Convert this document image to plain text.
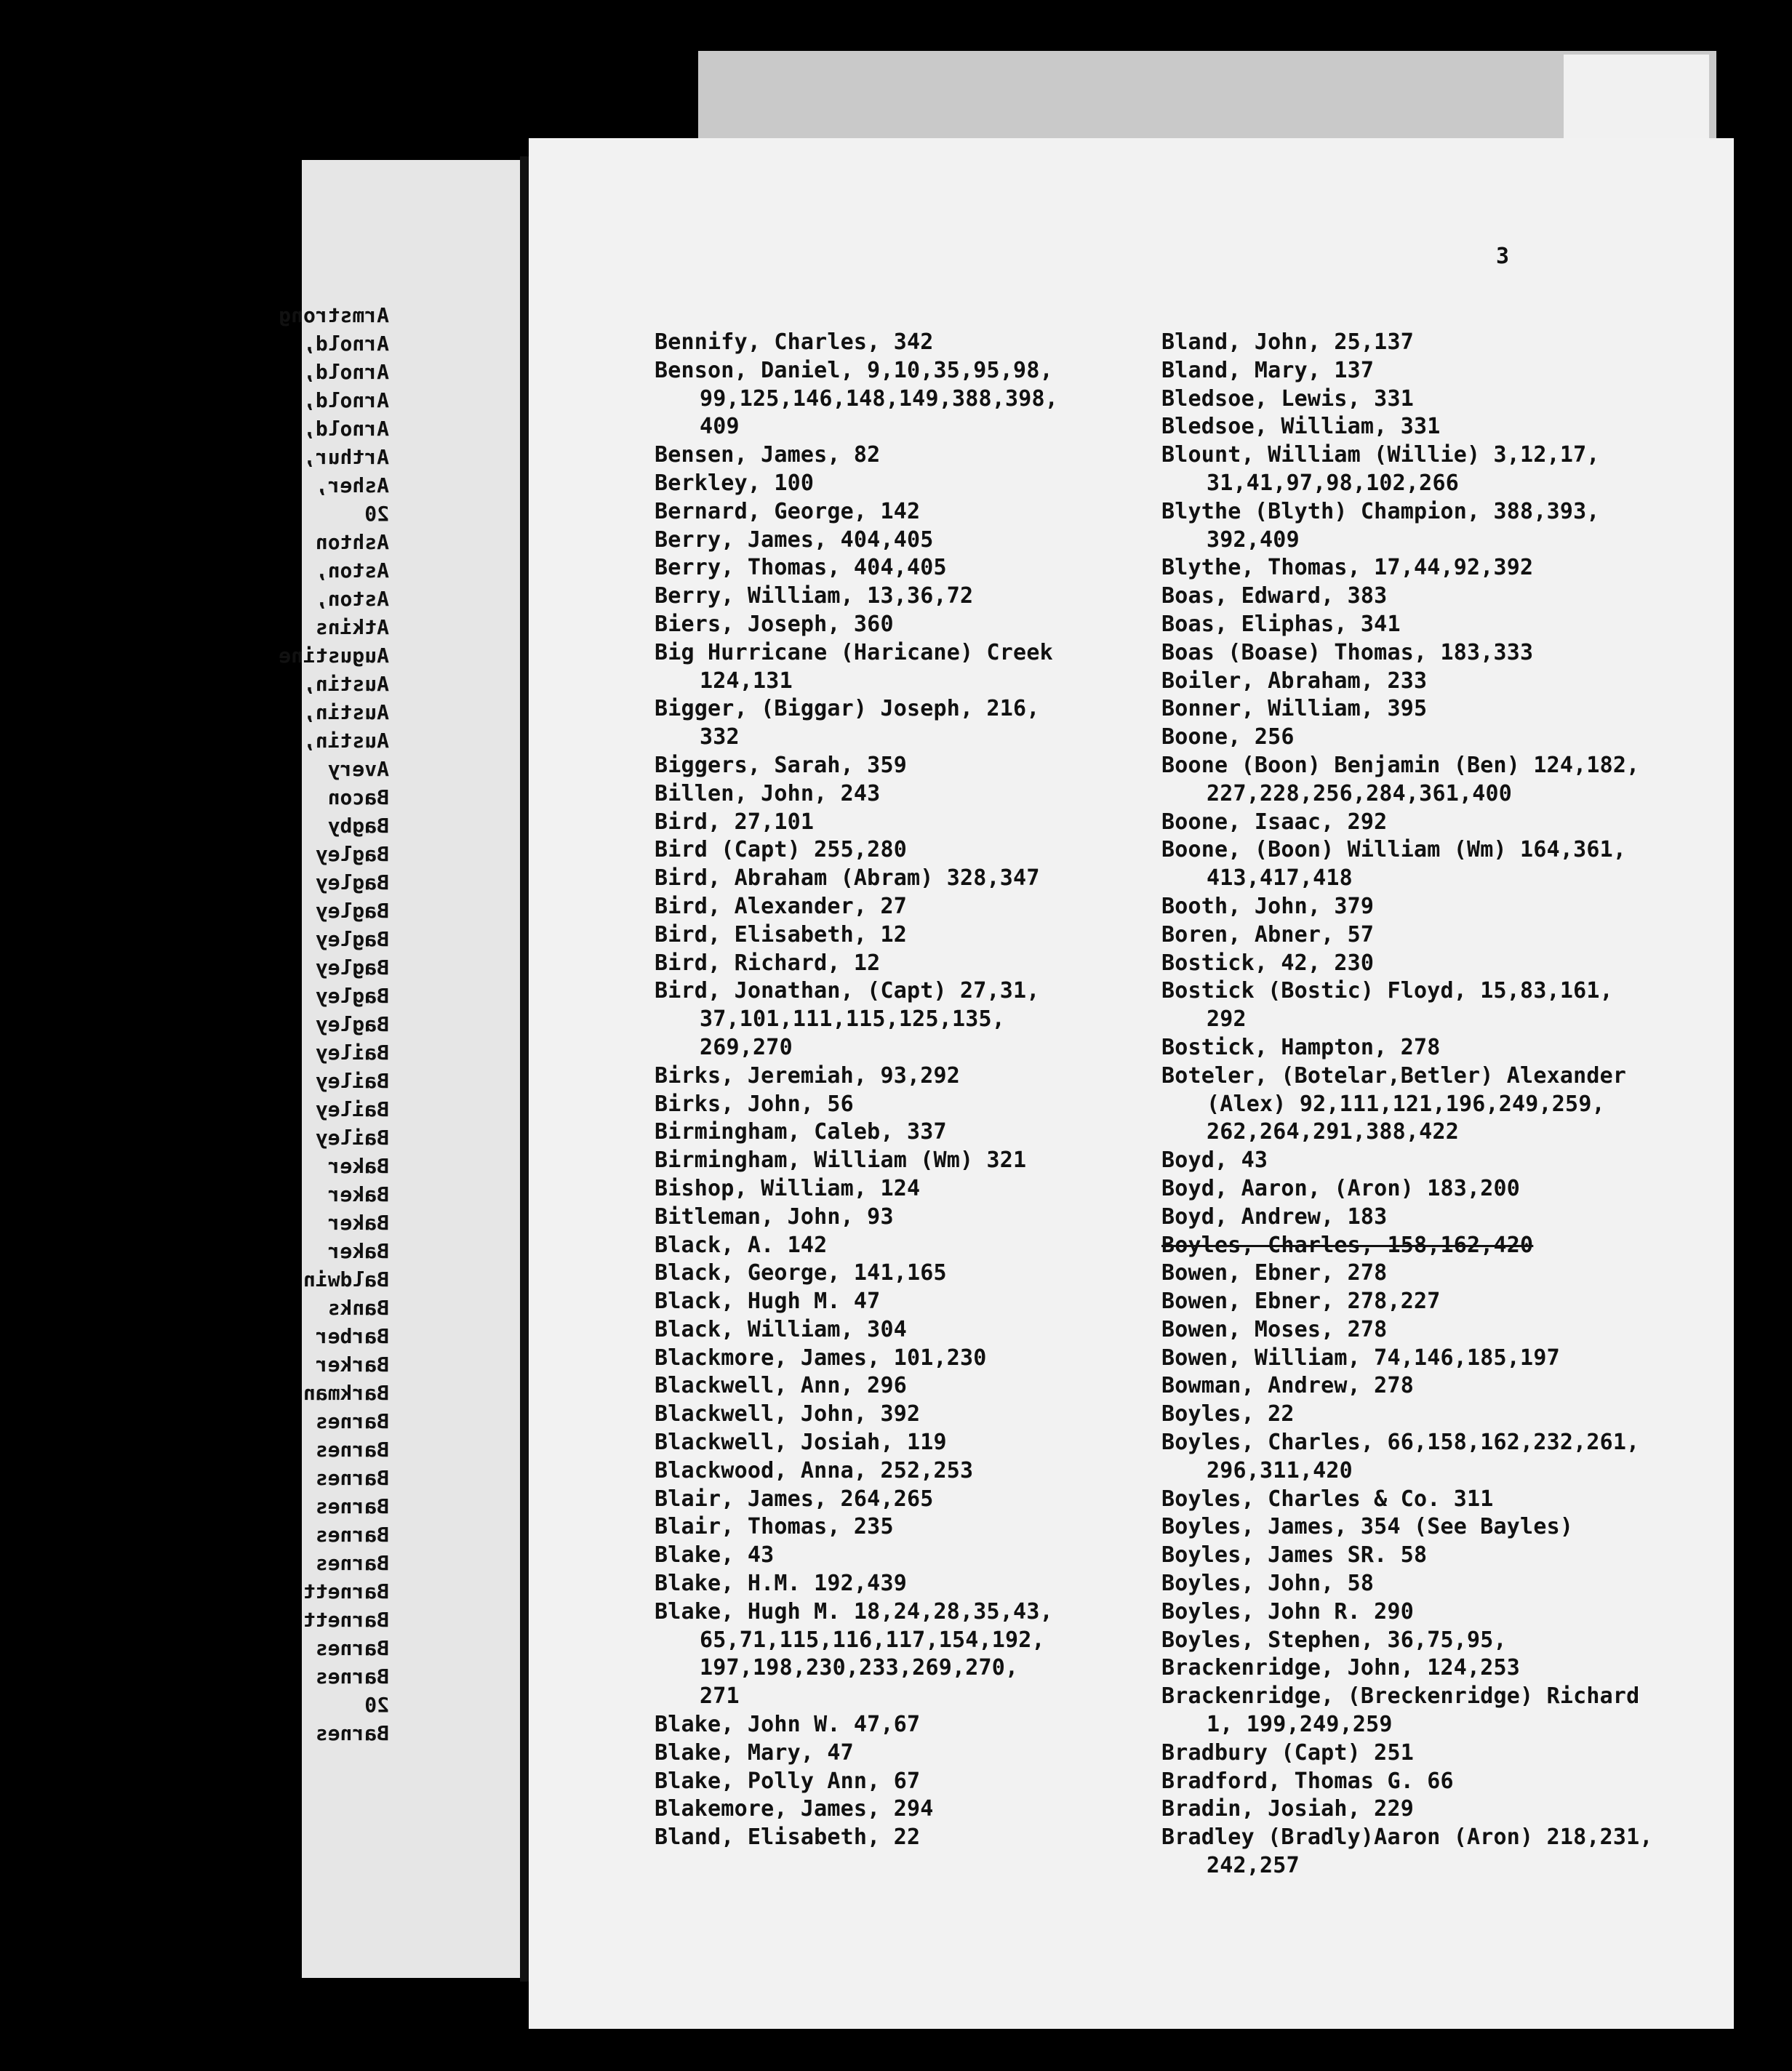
Armstrong
Arnold,
Arnold,
Arnold,
Arnold,
Arthur,
Asher,
20
Ashton
Aston,
Aston,
Atkins
Augustine
Austin,
Austin,
Austin,
Avery
Bacon
Bagby
Bagley
Bagley
Bagley
Bagley
Bagley
Bagley
Bagley
Bailey
Bailey
Bailey
Bailey
Baker
Baker
Baker
Baker
Baldwin
Banks
Barber
Barker
Barkman
Barnes
Barnes
Barnes
Barnes
Barnes
Barnes
Barnett
Barnett
Barnes
Barnes
20
Barnes
3
Bennify, Charles, 342
Benson, Daniel, 9,10,35,95,98,
99,125,146,148,149,388,398,
409
Bensen, James, 82
Berkley, 100
Bernard, George, 142
Berry, James, 404,405
Berry, Thomas, 404,405
Berry, William, 13,36,72
Biers, Joseph, 360
Big Hurricane (Haricane) Creek
124,131
Bigger, (Biggar) Joseph, 216,
332
Biggers, Sarah, 359
Billen, John, 243
Bird, 27,101
Bird (Capt) 255,280
Bird, Abraham (Abram) 328,347
Bird, Alexander, 27
Bird, Elisabeth, 12
Bird, Richard, 12
Bird, Jonathan, (Capt) 27,31,
37,101,111,115,125,135,
269,270
Birks, Jeremiah, 93,292
Birks, John, 56
Birmingham, Caleb, 337
Birmingham, William (Wm) 321
Bishop, William, 124
Bitleman, John, 93
Black, A. 142
Black, George, 141,165
Black, Hugh M. 47
Black, William, 304
Blackmore, James, 101,230
Blackwell, Ann, 296
Blackwell, John, 392
Blackwell, Josiah, 119
Blackwood, Anna, 252,253
Blair, James, 264,265
Blair, Thomas, 235
Blake, 43
Blake, H.M. 192,439
Blake, Hugh M. 18,24,28,35,43,
65,71,115,116,117,154,192,
197,198,230,233,269,270,
271
Blake, John W. 47,67
Blake, Mary, 47
Blake, Polly Ann, 67
Blakemore, James, 294
Bland, Elisabeth, 22
Bland, John, 25,137
Bland, Mary, 137
Bledsoe, Lewis, 331
Bledsoe, William, 331
Blount, William (Willie) 3,12,17,
31,41,97,98,102,266
Blythe (Blyth) Champion, 388,393,
392,409
Blythe, Thomas, 17,44,92,392
Boas, Edward, 383
Boas, Eliphas, 341
Boas (Boase) Thomas, 183,333
Boiler, Abraham, 233
Bonner, William, 395
Boone, 256
Boone (Boon) Benjamin (Ben) 124,182,
227,228,256,284,361,400
Boone, Isaac, 292
Boone, (Boon) William (Wm) 164,361,
413,417,418
Booth, John, 379
Boren, Abner, 57
Bostick, 42, 230
Bostick (Bostic) Floyd, 15,83,161,
292
Bostick, Hampton, 278
Boteler, (Botelar,Betler) Alexander
(Alex) 92,111,121,196,249,259,
262,264,291,388,422
Boyd, 43
Boyd, Aaron, (Aron) 183,200
Boyd, Andrew, 183
Boyles, Charles, 158,162,420
Bowen, Ebner, 278
Bowen, Ebner, 278,227
Bowen, Moses, 278
Bowen, William, 74,146,185,197
Bowman, Andrew, 278
Boyles, 22
Boyles, Charles, 66,158,162,232,261,
296,311,420
Boyles, Charles & Co. 311
Boyles, James, 354 (See Bayles)
Boyles, James SR. 58
Boyles, John, 58
Boyles, John R. 290
Boyles, Stephen, 36,75,95,
Brackenridge, John, 124,253
Brackenridge, (Breckenridge) Richard
1, 199,249,259
Bradbury (Capt) 251
Bradford, Thomas G. 66
Bradin, Josiah, 229
Bradley (Bradly)Aaron (Aron) 218,231,
242,257
